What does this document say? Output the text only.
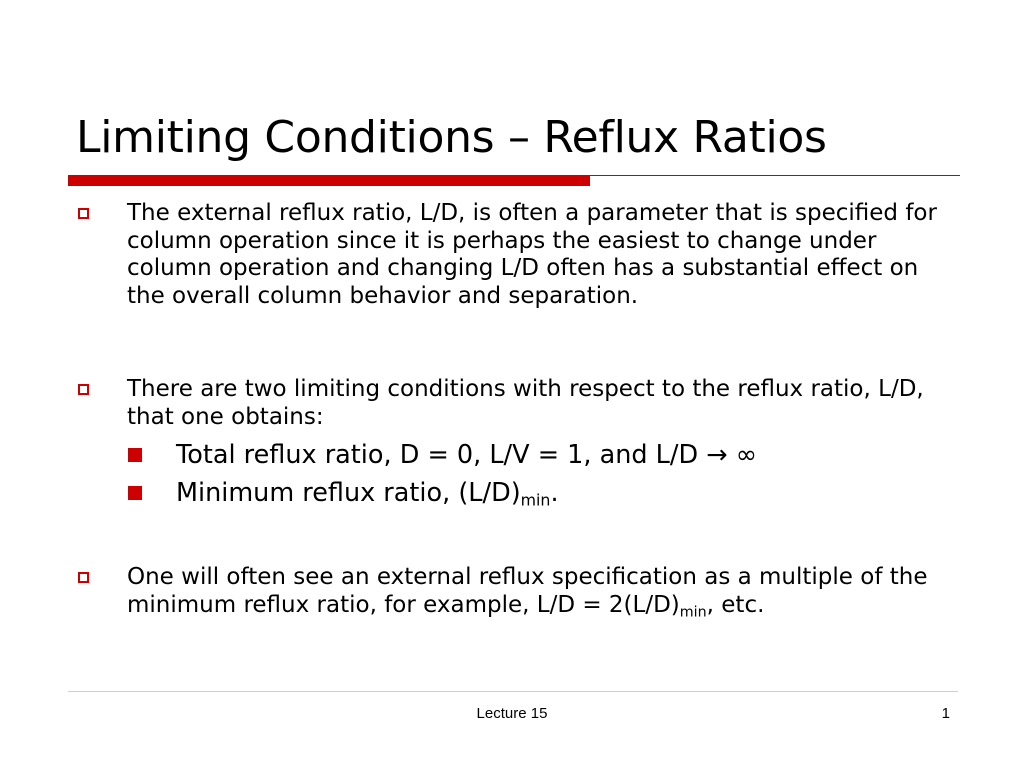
Limiting Conditions – Reflux Ratios
The external reflux ratio, L/D, is often a parameter that is specified for column operation since it is perhaps the easiest to change under column operation and changing L/D often has a substantial effect on the overall column behavior and separation.
There are two limiting conditions with respect to the reflux ratio, L/D, that one obtains:
Total reflux ratio, D = 0, L/V = 1, and L/D → ∞
Minimum reflux ratio, $(L/D)_{min}$.
One will often see an external reflux specification as a multiple of the minimum reflux ratio, for example, $L/D = 2(L/D)_{min}$, etc.
Lecture 15	1
